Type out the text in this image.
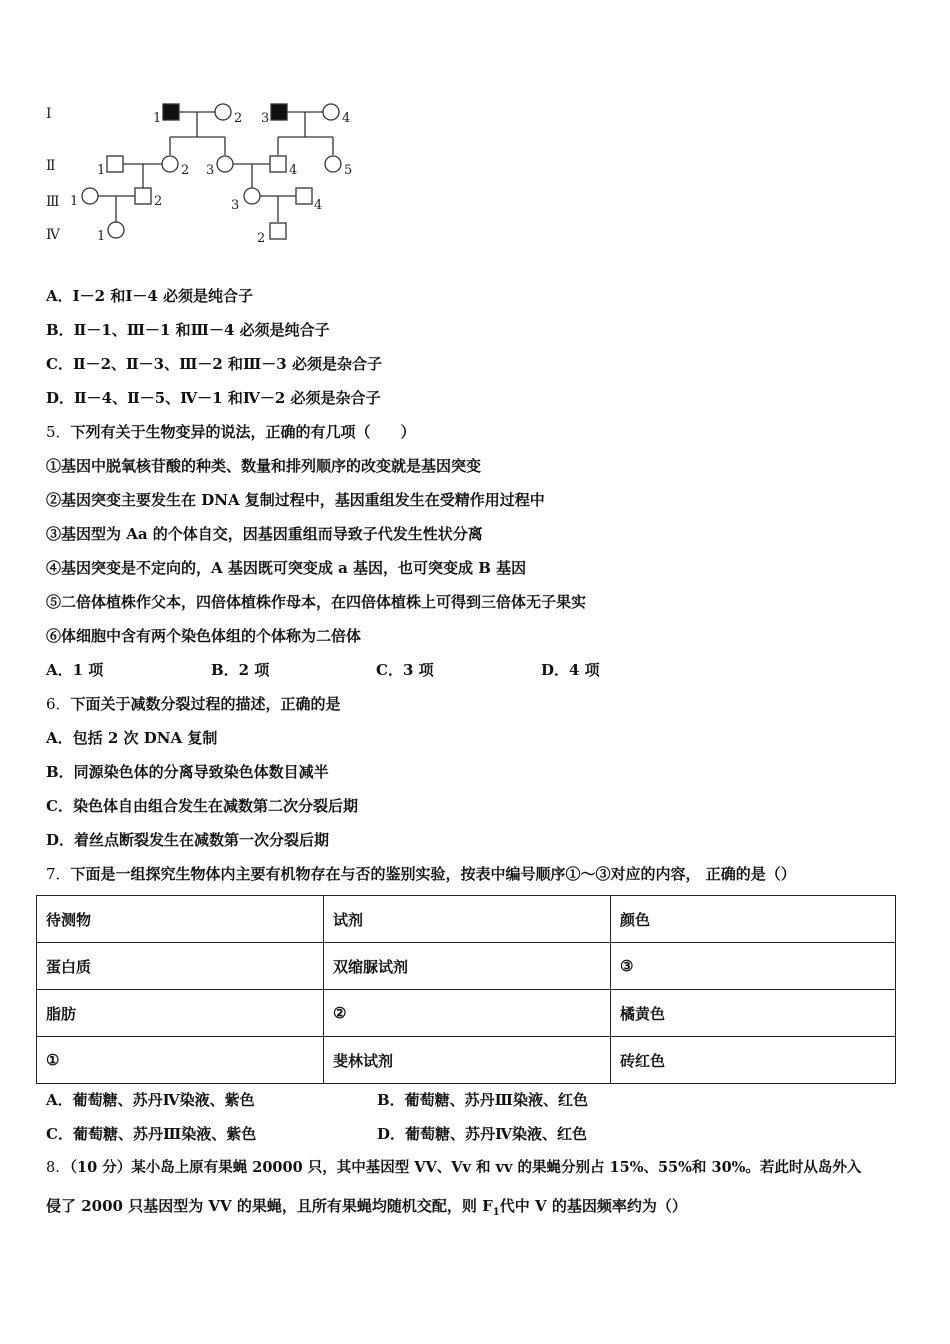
Ⅰ
Ⅱ
Ⅲ
Ⅳ
1	2 3	4
1	2 3	4	5
1	2	3	4
1	2
A．Ⅰ－2 和Ⅰ－4 必须是纯合子
B．Ⅱ－1、Ⅲ－1 和Ⅲ－4 必须是纯合子
C．Ⅱ－2、Ⅱ－3、Ⅲ－2 和Ⅲ－3 必须是杂合子
D．Ⅱ－4、Ⅱ－5、Ⅳ－1 和Ⅳ－2 必须是杂合子
5．下列有关于生物变异的说法，正确的有几项（　　）
①基因中脱氧核苷酸的种类、数量和排列顺序的改变就是基因突变
②基因突变主要发生在 DNA 复制过程中，基因重组发生在受精作用过程中
③基因型为 Aa 的个体自交，因基因重组而导致子代发生性状分离
④基因突变是不定向的，A 基因既可突变成 a 基因，也可突变成 B 基因
⑤二倍体植株作父本，四倍体植株作母本，在四倍体植株上可得到三倍体无子果实
⑥体细胞中含有两个染色体组的个体称为二倍体
A．1 项	B．2 项	C．3 项	D．4 项
6．下面关于减数分裂过程的描述，正确的是
A．包括 2 次 DNA 复制
B．同源染色体的分离导致染色体数目减半
C．染色体自由组合发生在减数第二次分裂后期
D．着丝点断裂发生在减数第一次分裂后期
7．下面是一组探究生物体内主要有机物存在与否的鉴别实验，按表中编号顺序①～③对应的内容， 正确的是（）
待测物	试剂	颜色
蛋白质	双缩脲试剂	③
脂肪	②	橘黄色
①	斐林试剂	砖红色
A．葡萄糖、苏丹Ⅳ染液、紫色	B．葡萄糖、苏丹Ⅲ染液、红色
C．葡萄糖、苏丹Ⅲ染液、紫色	D．葡萄糖、苏丹Ⅳ染液、红色
8．（10 分）某小岛上原有果蝇 20000 只，其中基因型 VV、Vv 和 vv 的果蝇分别占 15%、55%和 30%。若此时从岛外入
侵了 2000 只基因型为 VV 的果蝇，且所有果蝇均随机交配，则 $F_1$代中 V 的基因频率约为（）
